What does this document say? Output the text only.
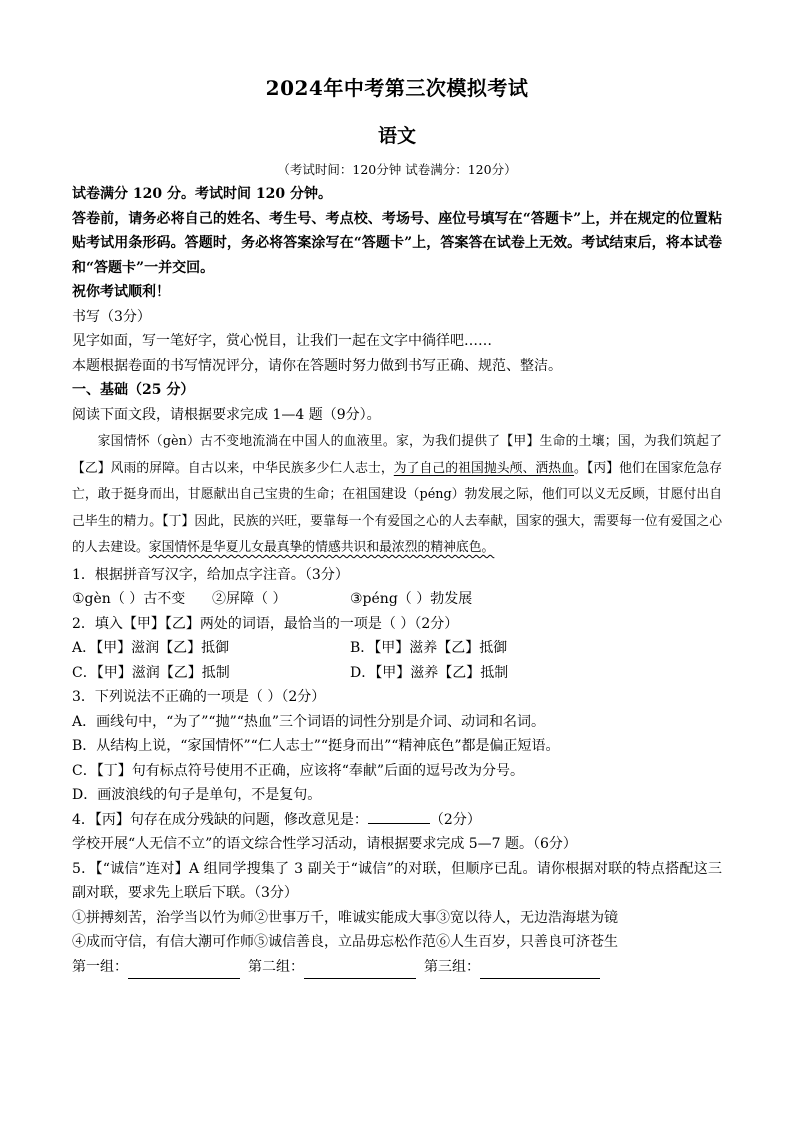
2024年中考第三次模拟考试
语文
（考试时间：120分钟 试卷满分：120分）
试卷满分 120 分。考试时间 120 分钟。
答卷前，请务必将自己的姓名、考生号、考点校、考场号、座位号填写在“答题卡”上，并在规定的位置粘贴考试用条形码。答题时，务必将答案涂写在“答题卡”上，答案答在试卷上无效。考试结束后，将本试卷和“答题卡”一并交回。
祝你考试顺利！
书写（3分）
见字如面，写一笔好字，赏心悦目，让我们一起在文字中徜徉吧……
本题根据卷面的书写情况评分，请你在答题时努力做到书写正确、规范、整洁。
一、基础（25 分）
阅读下面文段，请根据要求完成 1—4 题（9分）。
家国情怀（gèn）古不变地流淌在中国人的血液里。家，为我们提供了【甲】生命的土壤；国，为我们筑起了【乙】风雨的屏障。自古以来，中华民族多少仁人志士，为了自己的祖国抛头颅、洒热血。【丙】他们在国家危急存亡，敢于挺身而出，甘愿献出自己宝贵的生命；在祖国建设（péng）勃发展之际，他们可以义无反顾，甘愿付出自己毕生的精力。【丁】因此，民族的兴旺，要靠每一个有爱国之心的人去奉献，国家的强大，需要每一位有爱国之心的人去建设。家国情怀是华夏儿女最真挚的情感共识和最浓烈的精神底色。
1．根据拼音写汉字，给加点字注音。（3分）
①gèn（ ）古不变	②屏障（ ）	③péng（ ）勃发展
2．填入【甲】【乙】两处的词语，最恰当的一项是（ ）（2分）
A．【甲】滋润【乙】抵御	B．【甲】滋养【乙】抵御
C．【甲】滋润【乙】抵制	D．【甲】滋养【乙】抵制
3．下列说法不正确的一项是（ ）（2分）
A．画线句中，“为了”“抛”“热血”三个词语的词性分别是介词、动词和名词。
B．从结构上说，“家国情怀”“仁人志士”“挺身而出”“精神底色”都是偏正短语。
C．【丁】句有标点符号使用不正确，应该将“奉献”后面的逗号改为分号。
D．画波浪线的句子是单句，不是复句。
4．【丙】句存在成分残缺的问题，修改意见是：	（2分）
学校开展“人无信不立”的语文综合性学习活动，请根据要求完成 5—7 题。（6分）
5．【“诚信”连对】A 组同学搜集了 3 副关于“诚信”的对联，但顺序已乱。请你根据对联的特点搭配这三副对联，要求先上联后下联。（3分）
①拼搏刻苦，治学当以竹为师②世事万千，唯诚实能成大事③宽以待人，无边浩海堪为镜
④成而守信，有信大潮可作师⑤诚信善良，立品毋忘松作范⑥人生百岁，只善良可济苍生
第一组：	第二组：	第三组：
